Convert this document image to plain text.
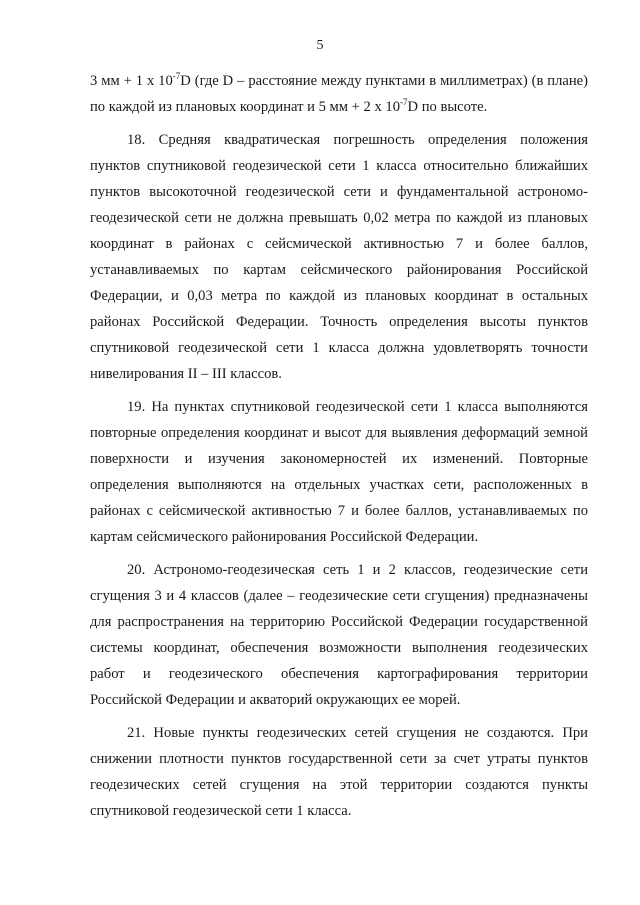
5

3 мм + 1 х $10^{-7}D$ (где D – расстояние между пунктами в миллиметрах) (в плане) по каждой из плановых координат и 5 мм + 2 х $10^{-7}D$ по высоте.

18. Средняя квадратическая погрешность определения положения пунктов спутниковой геодезической сети 1 класса относительно ближайших пунктов высокоточной геодезической сети и фундаментальной астрономо-геодезической сети не должна превышать 0,02 метра по каждой из плановых координат в районах с сейсмической активностью 7 и более баллов, устанавливаемых по картам сейсмического районирования Российской Федерации, и 0,03 метра по каждой из плановых координат в остальных районах Российской Федерации. Точность определения высоты пунктов спутниковой геодезической сети 1 класса должна удовлетворять точности нивелирования II – III классов.

19. На пунктах спутниковой геодезической сети 1 класса выполняются повторные определения координат и высот для выявления деформаций земной поверхности и изучения закономерностей их изменений. Повторные определения выполняются на отдельных участках сети, расположенных в районах с сейсмической активностью 7 и более баллов, устанавливаемых по картам сейсмического районирования Российской Федерации.

20. Астрономо-геодезическая сеть 1 и 2 классов, геодезические сети сгущения 3 и 4 классов (далее – геодезические сети сгущения) предназначены для распространения на территорию Российской Федерации государственной системы координат, обеспечения возможности выполнения геодезических работ и геодезического обеспечения картографирования территории Российской Федерации и акваторий окружающих ее морей.

21. Новые пункты геодезических сетей сгущения не создаются. При снижении плотности пунктов государственной сети за счет утраты пунктов геодезических сетей сгущения на этой территории создаются пункты спутниковой геодезической сети 1 класса.
